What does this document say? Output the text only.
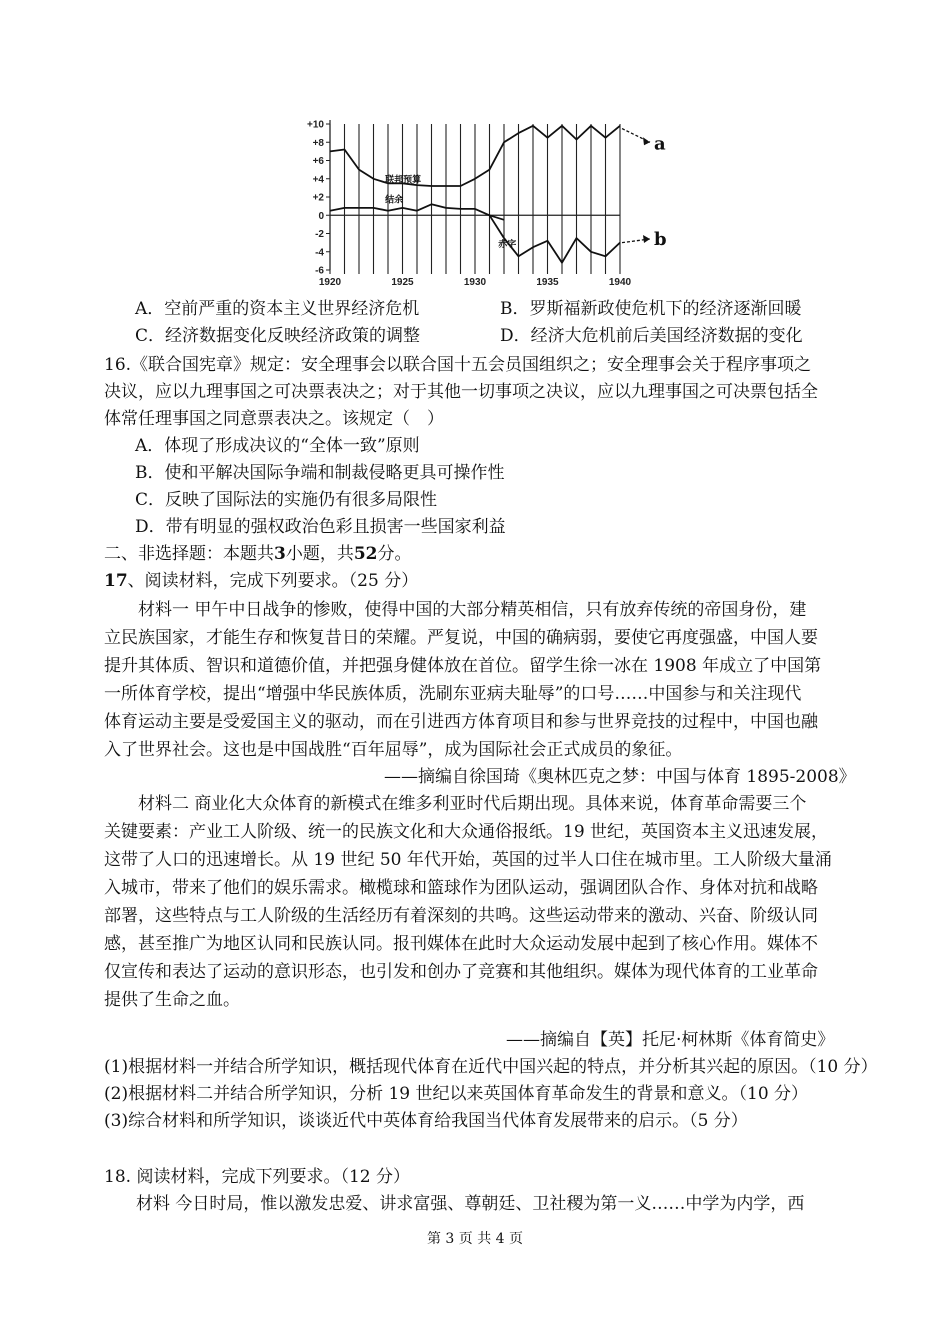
+10
+8
+6
+4
+2
0
-2
-4
-6
1920	1925	1930	1935	1940
联邦预算
结余
赤字
a
b
A．空前严重的资本主义世界经济危机	B．罗斯福新政使危机下的经济逐渐回暖
C．经济数据变化反映经济政策的调整	D．经济大危机前后美国经济数据的变化
16.《联合国宪章》规定：安全理事会以联合国十五会员国组织之；安全理事会关于程序事项之
决议，应以九理事国之可决票表决之；对于其他一切事项之决议，应以九理事国之可决票包括全
体常任理事国之同意票表决之。该规定（　）
A．体现了形成决议的“全体一致”原则
B．使和平解决国际争端和制裁侵略更具可操作性
C．反映了国际法的实施仍有很多局限性
D．带有明显的强权政治色彩且损害一些国家利益
二、非选择题：本题共3小题，共52分。
17、阅读材料，完成下列要求。（25 分）

材料一 甲午中日战争的惨败，使得中国的大部分精英相信，只有放弃传统的帝国身份，建

立民族国家，才能生存和恢复昔日的荣耀。严复说，中国的确病弱，要使它再度强盛，中国人要

提升其体质、智识和道德价值，并把强身健体放在首位。留学生徐一冰在 1908 年成立了中国第

一所体育学校，提出“增强中华民族体质，洗刷东亚病夫耻辱”的口号……中国参与和关注现代

体育运动主要是受爱国主义的驱动，而在引进西方体育项目和参与世界竞技的过程中，中国也融

入了世界社会。这也是中国战胜“百年屈辱”，成为国际社会正式成员的象征。

——摘编自徐国琦《奥林匹克之梦：中国与体育 1895-2008》

材料二 商业化大众体育的新模式在维多利亚时代后期出现。具体来说，体育革命需要三个

关键要素：产业工人阶级、统一的民族文化和大众通俗报纸。19 世纪，英国资本主义迅速发展，

这带了人口的迅速增长。从 19 世纪 50 年代开始，英国的过半人口住在城市里。工人阶级大量涌

入城市，带来了他们的娱乐需求。橄榄球和篮球作为团队运动，强调团队合作、身体对抗和战略

部署，这些特点与工人阶级的生活经历有着深刻的共鸣。这些运动带来的激动、兴奋、阶级认同

感，甚至推广为地区认同和民族认同。报刊媒体在此时大众运动发展中起到了核心作用。媒体不

仅宣传和表达了运动的意识形态，也引发和创办了竞赛和其他组织。媒体为现代体育的工业革命

提供了生命之血。

——摘编自【英】托尼·柯林斯《体育简史》
(1)根据材料一并结合所学知识，概括现代体育在近代中国兴起的特点，并分析其兴起的原因。（10 分）
(2)根据材料二并结合所学知识，分析 19 世纪以来英国体育革命发生的背景和意义。（10 分）
(3)综合材料和所学知识，谈谈近代中英体育给我国当代体育发展带来的启示。（5 分）
18. 阅读材料，完成下列要求。（12 分）
材料 今日时局，惟以激发忠爱、讲求富强、尊朝廷、卫社稷为第一义……中学为内学，西
第 3 页 共 4 页
